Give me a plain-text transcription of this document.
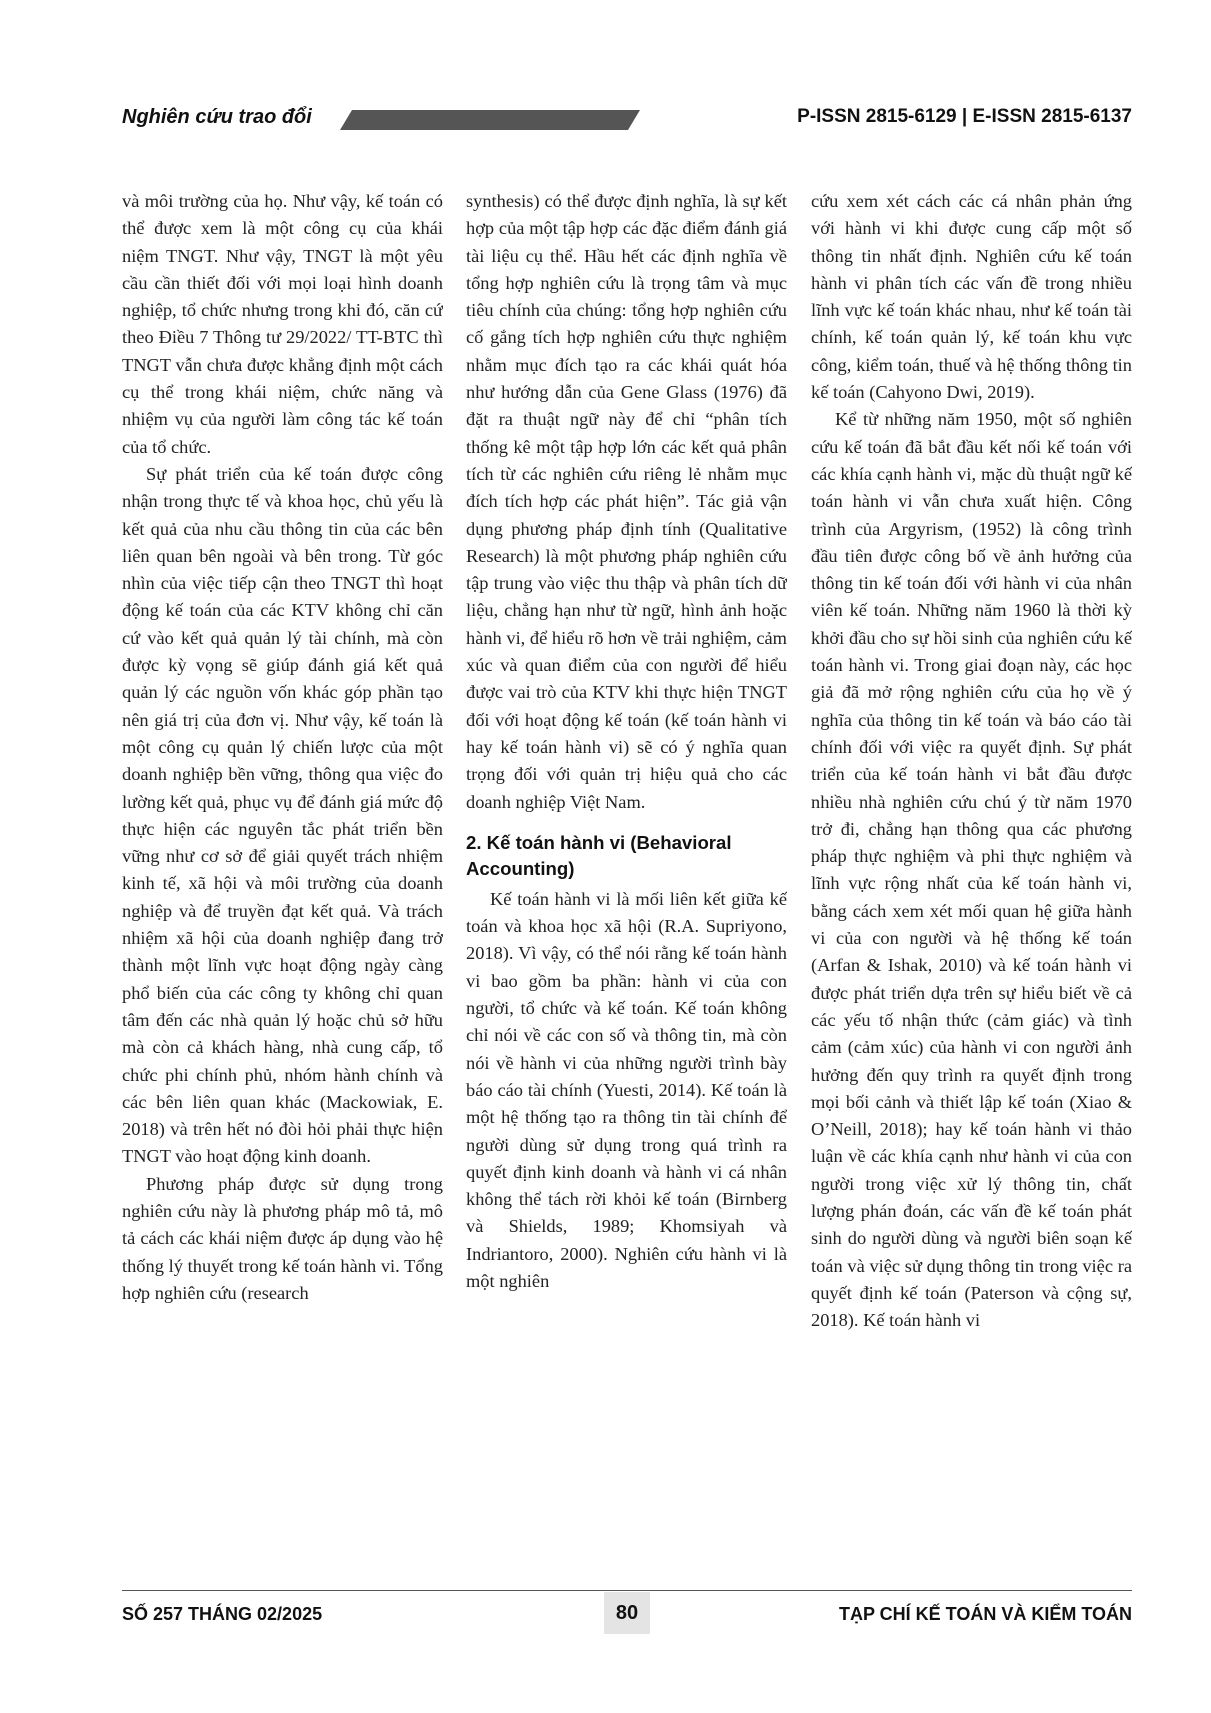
Nghiên cứu trao đổi	P-ISSN 2815-6129 | E-ISSN 2815-6137

và môi trường của họ. Như vậy, kế toán có thể được xem là một công cụ của khái niệm TNGT. Như vậy, TNGT là một yêu cầu cần thiết đối với mọi loại hình doanh nghiệp, tổ chức nhưng trong khi đó, căn cứ theo Điều 7 Thông tư 29/2022/ TT-BTC thì TNGT vẫn chưa được khẳng định một cách cụ thể trong khái niệm, chức năng và nhiệm vụ của người làm công tác kế toán của tổ chức.

Sự phát triển của kế toán được công nhận trong thực tế và khoa học, chủ yếu là kết quả của nhu cầu thông tin của các bên liên quan bên ngoài và bên trong. Từ góc nhìn của việc tiếp cận theo TNGT thì hoạt động kế toán của các KTV không chỉ căn cứ vào kết quả quản lý tài chính, mà còn được kỳ vọng sẽ giúp đánh giá kết quả quản lý các nguồn vốn khác góp phần tạo nên giá trị của đơn vị. Như vậy, kế toán là một công cụ quản lý chiến lược của một doanh nghiệp bền vững, thông qua việc đo lường kết quả, phục vụ để đánh giá mức độ thực hiện các nguyên tắc phát triển bền vững như cơ sở để giải quyết trách nhiệm kinh tế, xã hội và môi trường của doanh nghiệp và để truyền đạt kết quả. Và trách nhiệm xã hội của doanh nghiệp đang trở thành một lĩnh vực hoạt động ngày càng phổ biến của các công ty không chỉ quan tâm đến các nhà quản lý hoặc chủ sở hữu mà còn cả khách hàng, nhà cung cấp, tổ chức phi chính phủ, nhóm hành chính và các bên liên quan khác (Mackowiak, E. 2018) và trên hết nó đòi hỏi phải thực hiện TNGT vào hoạt động kinh doanh.

Phương pháp được sử dụng trong nghiên cứu này là phương pháp mô tả, mô tả cách các khái niệm được áp dụng vào hệ thống lý thuyết trong kế toán hành vi. Tổng hợp nghiên cứu (research

synthesis) có thể được định nghĩa, là sự kết hợp của một tập hợp các đặc điểm đánh giá tài liệu cụ thể. Hầu hết các định nghĩa về tổng hợp nghiên cứu là trọng tâm và mục tiêu chính của chúng: tổng hợp nghiên cứu cố gắng tích hợp nghiên cứu thực nghiệm nhằm mục đích tạo ra các khái quát hóa như hướng dẫn của Gene Glass (1976) đã đặt ra thuật ngữ này để chỉ “phân tích thống kê một tập hợp lớn các kết quả phân tích từ các nghiên cứu riêng lẻ nhằm mục đích tích hợp các phát hiện”. Tác giả vận dụng phương pháp định tính (Qualitative Research) là một phương pháp nghiên cứu tập trung vào việc thu thập và phân tích dữ liệu, chẳng hạn như từ ngữ, hình ảnh hoặc hành vi, để hiểu rõ hơn về trải nghiệm, cảm xúc và quan điểm của con người để hiểu được vai trò của KTV khi thực hiện TNGT đối với hoạt động kế toán (kế toán hành vi hay kế toán hành vi) sẽ có ý nghĩa quan trọng đối với quản trị hiệu quả cho các doanh nghiệp Việt Nam.

2. Kế toán hành vi (Behavioral Accounting)

Kế toán hành vi là mối liên kết giữa kế toán và khoa học xã hội (R.A. Supriyono, 2018). Vì vậy, có thể nói rằng kế toán hành vi bao gồm ba phần: hành vi của con người, tổ chức và kế toán. Kế toán không chỉ nói về các con số và thông tin, mà còn nói về hành vi của những người trình bày báo cáo tài chính (Yuesti, 2014). Kế toán là một hệ thống tạo ra thông tin tài chính để người dùng sử dụng trong quá trình ra quyết định kinh doanh và hành vi cá nhân không thể tách rời khỏi kế toán (Birnberg và Shields, 1989; Khomsiyah và Indriantoro, 2000). Nghiên cứu hành vi là một nghiên

cứu xem xét cách các cá nhân phản ứng với hành vi khi được cung cấp một số thông tin nhất định. Nghiên cứu kế toán hành vi phân tích các vấn đề trong nhiều lĩnh vực kế toán khác nhau, như kế toán tài chính, kế toán quản lý, kế toán khu vực công, kiểm toán, thuế và hệ thống thông tin kế toán (Cahyono Dwi, 2019).

Kể từ những năm 1950, một số nghiên cứu kế toán đã bắt đầu kết nối kế toán với các khía cạnh hành vi, mặc dù thuật ngữ kế toán hành vi vẫn chưa xuất hiện. Công trình của Argyrism, (1952) là công trình đầu tiên được công bố về ảnh hưởng của thông tin kế toán đối với hành vi của nhân viên kế toán. Những năm 1960 là thời kỳ khởi đầu cho sự hồi sinh của nghiên cứu kế toán hành vi. Trong giai đoạn này, các học giả đã mở rộng nghiên cứu của họ về ý nghĩa của thông tin kế toán và báo cáo tài chính đối với việc ra quyết định. Sự phát triển của kế toán hành vi bắt đầu được nhiều nhà nghiên cứu chú ý từ năm 1970 trở đi, chẳng hạn thông qua các phương pháp thực nghiệm và phi thực nghiệm và lĩnh vực rộng nhất của kế toán hành vi, bằng cách xem xét mối quan hệ giữa hành vi của con người và hệ thống kế toán (Arfan & Ishak, 2010) và kế toán hành vi được phát triển dựa trên sự hiểu biết về cả các yếu tố nhận thức (cảm giác) và tình cảm (cảm xúc) của hành vi con người ảnh hưởng đến quy trình ra quyết định trong mọi bối cảnh và thiết lập kế toán (Xiao & O’Neill, 2018); hay kế toán hành vi thảo luận về các khía cạnh như hành vi của con người trong việc xử lý thông tin, chất lượng phán đoán, các vấn đề kế toán phát sinh do người dùng và người biên soạn kế toán và việc sử dụng thông tin trong việc ra quyết định kế toán (Paterson và cộng sự, 2018). Kế toán hành vi

SỐ 257 THÁNG 02/2025	80	TẠP CHÍ KẾ TOÁN VÀ KIỂM TOÁN
